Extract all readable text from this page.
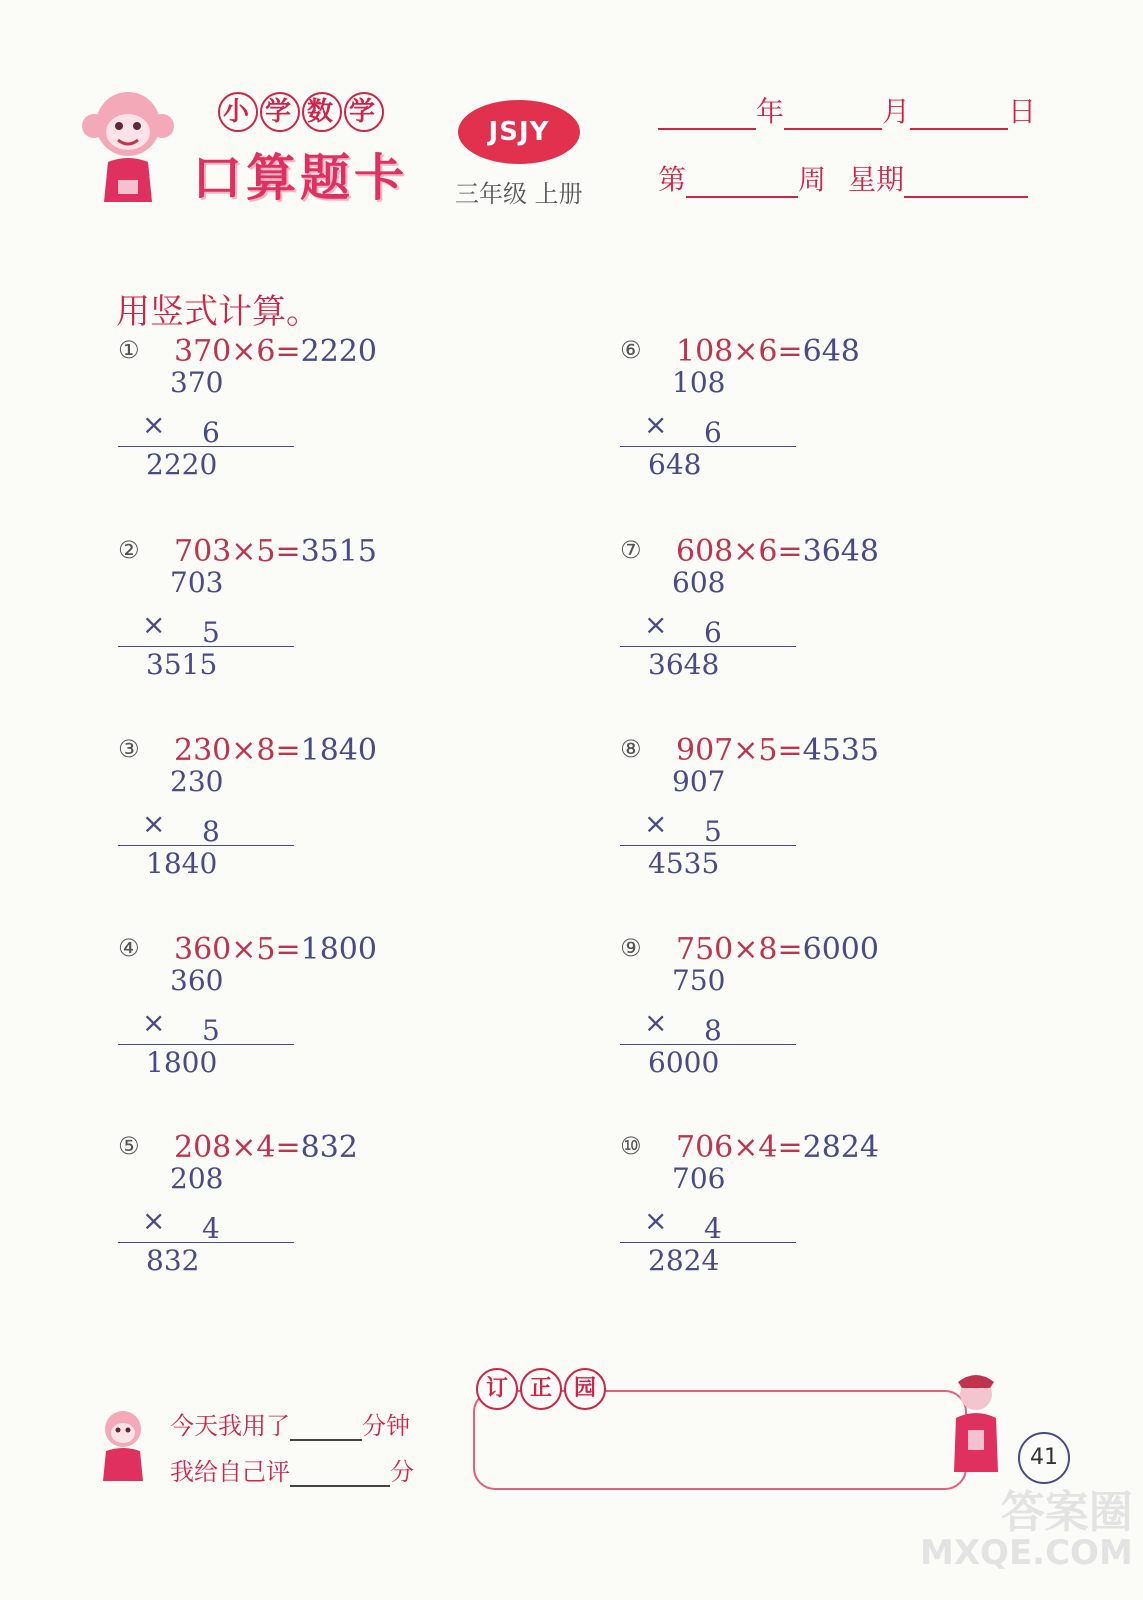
小 学 数 学
口算题卡
JSJY
三年级 上册
年	月	日
第	周 星期
用竖式计算。
① 370×6=2220
370
× 6
2220
② 703×5=3515
703
× 5
3515
③ 230×8=1840
230
× 8
1840
④ 360×5=1800
360
× 5
1800
⑤ 208×4=832
208
× 4
832
⑥ 108×6=648
108
× 6
648
⑦ 608×6=3648
608
× 6
3648
⑧ 907×5=4535
907
× 5
4535
⑨ 750×8=6000
750
× 8
6000
⑩ 706×4=2824
706
× 4
2824
今天我用了	分钟
我给自己评	分
订 正 园
41
答案圈
MXQE.COM
